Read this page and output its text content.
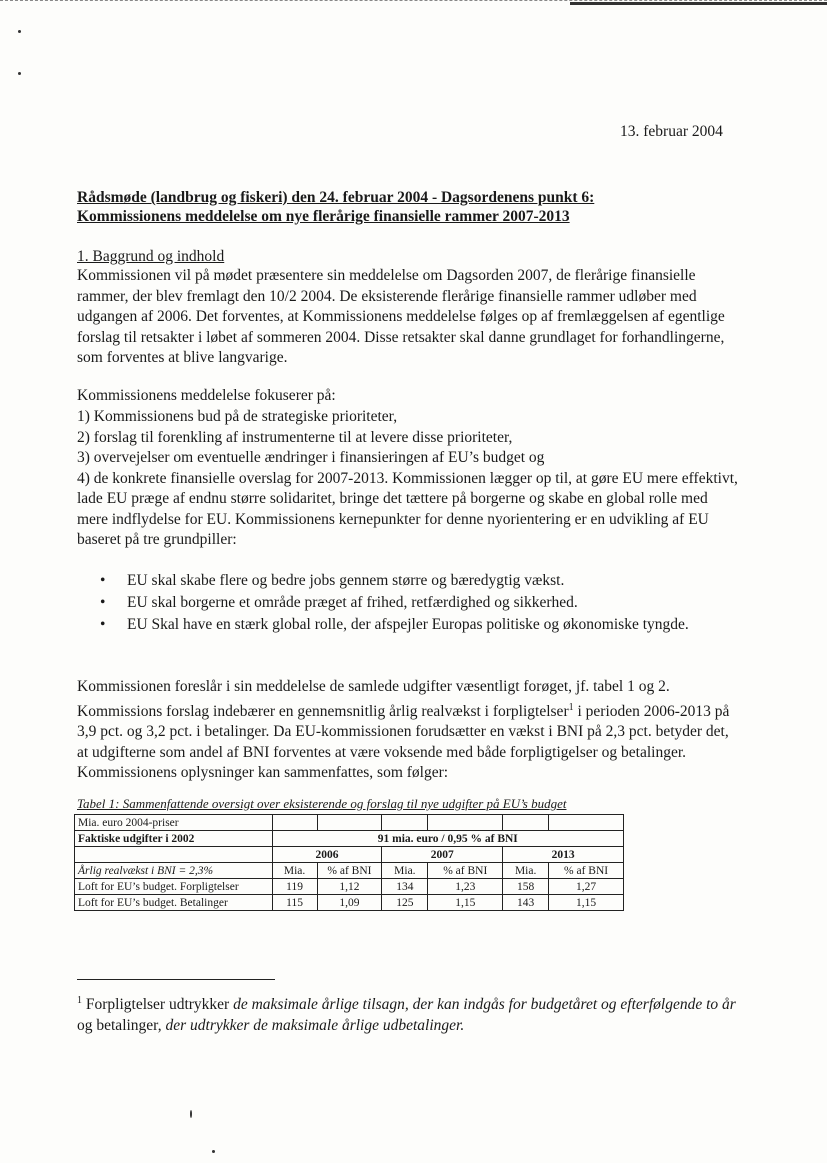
13. februar 2004
Rådsmøde (landbrug og fiskeri) den 24. februar 2004 - Dagsordenens punkt 6:
Kommissionens meddelelse om nye flerårige finansielle rammer 2007-2013
1. Baggrund og indhold

Kommissionen vil på mødet præsentere sin meddelelse om Dagsorden 2007, de flerårige finansielle rammer, der blev fremlagt den 10/2 2004. De eksisterende flerårige finansielle rammer udløber med udgangen af 2006. Det forventes, at Kommissionens meddelelse følges op af fremlæggelsen af egentlige forslag til retsakter i løbet af sommeren 2004. Disse retsakter skal danne grundlaget for forhandlingerne, som forventes at blive langvarige.

Kommissionens meddelelse fokuserer på:

1) Kommissionens bud på de strategiske prioriteter,
2) forslag til forenkling af instrumenterne til at levere disse prioriteter,
3) overvejelser om eventuelle ændringer i finansieringen af EU’s budget og
4) de konkrete finansielle overslag for 2007-2013. Kommissionen lægger op til, at gøre EU mere effektivt, lade EU præge af endnu større solidaritet, bringe det tættere på borgerne og skabe en global rolle med mere indflydelse for EU. Kommissionens kernepunkter for denne nyorientering er en udvikling af EU baseret på tre grundpiller:
• EU skal skabe flere og bedre jobs gennem større og bæredygtig vækst.
• EU skal borgerne et område præget af frihed, retfærdighed og sikkerhed.
• EU Skal have en stærk global rolle, der afspejler Europas politiske og økonomiske tyngde.

Kommissionen foreslår i sin meddelelse de samlede udgifter væsentligt forøget, jf. tabel 1 og 2. Kommissions forslag indebærer en gennemsnitlig årlig realvækst i forpligtelser$^1$ i perioden 2006-2013 på 3,9 pct. og 3,2 pct. i betalinger. Da EU-kommissionen forudsætter en vækst i BNI på 2,3 pct. betyder det, at udgifterne som andel af BNI forventes at være voksende med både forpligtigelser og betalinger. Kommissionens oplysninger kan sammenfattes, som følger:

Tabel 1: Sammenfattende oversigt over eksisterende og forslag til nye udgifter på EU’s budget
Mia. euro 2004-priser						
Faktiske udgifter i 2002	91 mia. euro / 0,95 % af BNI					
	2006		2007		2013	
Årlig realvækst i BNI = 2,3%	Mia.	% af BNI	Mia.	% af BNI	Mia.	% af BNI
Loft for EU’s budget. Forpligtelser	119	1,12	134	1,23	158	1,27
Loft for EU’s budget. Betalinger	115	1,09	125	1,15	143	1,15

$^1$ Forpligtelser udtrykker de maksimale årlige tilsagn, der kan indgås for budgetåret og efterfølgende to år og betalinger, der udtrykker de maksimale årlige udbetalinger.
